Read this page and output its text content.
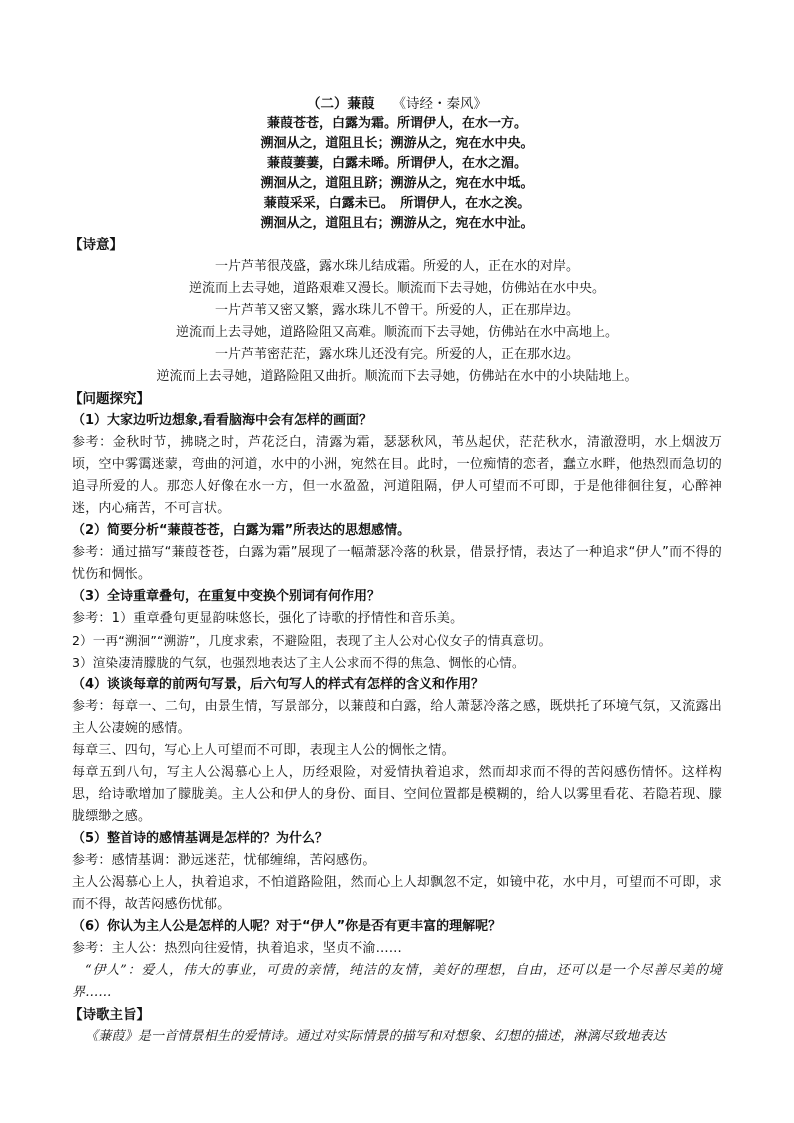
（二）蒹葭 《诗经・秦风》
蒹葭苍苍，白露为霜。所谓伊人，在水一方。
溯洄从之，道阻且长；溯游从之，宛在水中央。
蒹葭萋萋，白露未晞。所谓伊人，在水之湄。
溯洄从之，道阻且跻；溯游从之，宛在水中坻。
蒹葭采采，白露未已。　所谓伊人，在水之涘。
溯洄从之，道阻且右；溯游从之，宛在水中沚。
【诗意】
一片芦苇很茂盛，露水珠儿结成霜。所爱的人，正在水的对岸。
逆流而上去寻她，道路艰难又漫长。顺流而下去寻她，仿佛站在水中央。
一片芦苇又密又繁，露水珠儿不曾干。所爱的人，正在那岸边。
逆流而上去寻她，道路险阻又高难。顺流而下去寻她，仿佛站在水中高地上。
一片芦苇密茫茫，露水珠儿还没有完。所爱的人，正在那水边。
逆流而上去寻她，道路险阻又曲折。顺流而下去寻她，仿佛站在水中的小块陆地上。
【问题探究】
（1）大家边听边想象,看看脑海中会有怎样的画面？
参考：金秋时节，拂晓之时，芦花泛白，清露为霜，瑟瑟秋风，苇丛起伏，茫茫秋水，清澈澄明，水上烟波万顷，空中雾霭迷蒙，弯曲的河道，水中的小洲，宛然在目。此时，一位痴情的恋者，蠢立水畔，他热烈而急切的追寻所爱的人。那恋人好像在水一方，但一水盈盈，河道阻隔，伊人可望而不可即，于是他徘徊往复，心醉神迷，内心痛苦，不可言状。
（2）简要分析“蒹葭苍苍，白露为霜”所表达的思想感情。
参考：通过描写“蒹葭苍苍，白露为霜”展现了一幅萧瑟冷落的秋景，借景抒情，表达了一种追求“伊人”而不得的忧伤和惆怅。
（3）全诗重章叠句，在重复中变换个别词有何作用？
参考：1）重章叠句更显韵味悠长，强化了诗歌的抒情性和音乐美。
2）一再“溯洄”“溯游”，几度求索，不避险阻，表现了主人公对心仪女子的情真意切。
3）渲染凄清朦胧的气氛，也强烈地表达了主人公求而不得的焦急、惆怅的心情。
（4）谈谈每章的前两句写景，后六句写人的样式有怎样的含义和作用？
参考：每章一、二句，由景生情，写景部分，以蒹葭和白露，给人萧瑟冷落之感，既烘托了环境气氛，又流露出主人公凄婉的感情。
每章三、四句，写心上人可望而不可即，表现主人公的惆怅之情。
每章五到八句，写主人公渴慕心上人，历经艰险，对爱情执着追求，然而却求而不得的苦闷感伤情怀。这样构思，给诗歌增加了朦胧美。主人公和伊人的身份、面目、空间位置都是模糊的，给人以雾里看花、若隐若现、朦胧缥缈之感。
（5）整首诗的感情基调是怎样的？为什么？
参考：感情基调：渺远迷茫，忧郁缠绵，苦闷感伤。
主人公渴慕心上人，执着追求，不怕道路险阻，然而心上人却飘忽不定，如镜中花，水中月，可望而不可即，求而不得，故苦闷感伤忧郁。
（6）你认为主人公是怎样的人呢？对于“伊人”你是否有更丰富的理解呢？
参考：主人公：热烈向往爱情，执着追求，坚贞不渝……
“伊人”：爱人，伟大的事业，可贵的亲情，纯洁的友情，美好的理想，自由，还可以是一个尽善尽美的境界……
【诗歌主旨】
《蒹葭》是一首情景相生的爱情诗。通过对实际情景的描写和对想象、幻想的描述，淋漓尽致地表达
